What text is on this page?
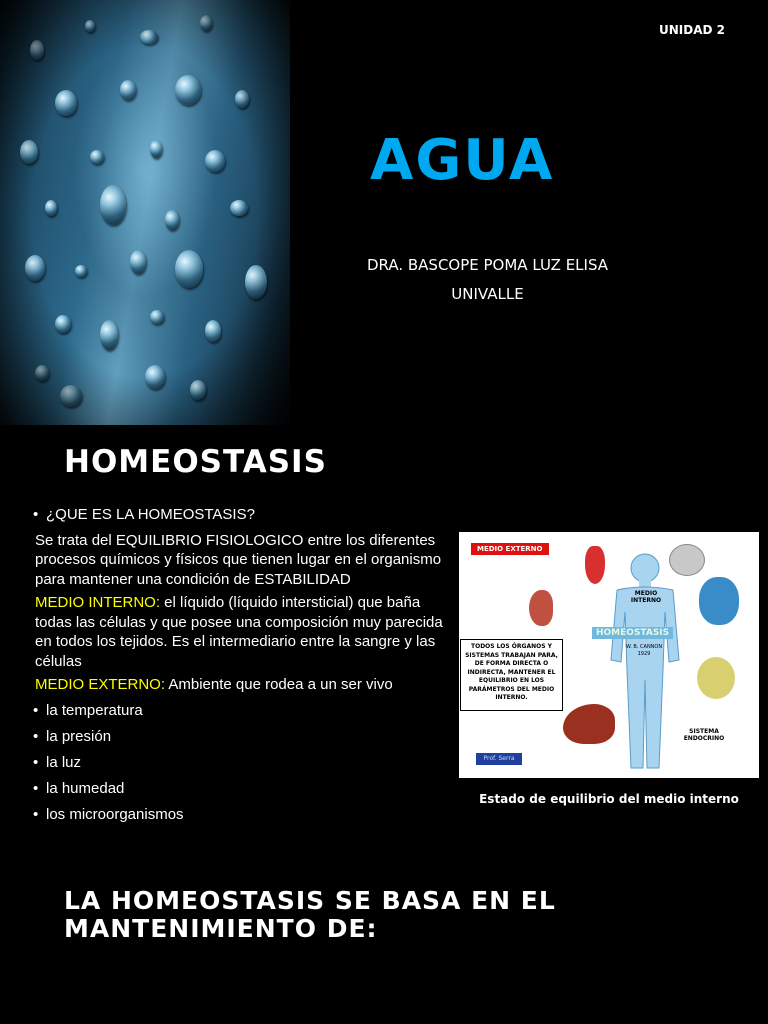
UNIDAD 2
AGUA
DRA. BASCOPE POMA LUZ ELISA
UNIVALLE
HOMEOSTASIS
• ¿QUE ES LA HOMEOSTASIS?
Se trata del EQUILIBRIO FISIOLOGICO entre los diferentes procesos químicos y físicos que tienen lugar en el organismo para mantener una condición de ESTABILIDAD
MEDIO INTERNO: el líquido (líquido intersticial) que baña todas las células y que posee una composición muy parecida en todos los tejidos. Es el intermediario entre la sangre y las células
MEDIO EXTERNO: Ambiente que rodea a un ser vivo
• la temperatura
• la presión
• la luz
• la humedad
• los microorganismos
MEDIO EXTERNO
MEDIO INTERNO
HOMEOSTASIS
W. B. CANNON 1929
TODOS LOS ÓRGANOS Y SISTEMAS TRABAJAN PARA, DE FORMA DIRECTA O INDIRECTA, MANTENER EL EQUILIBRIO EN LOS PARÁMETROS DEL MEDIO INTERNO.
SISTEMA ENDOCRINO
Prof. Serra
Estado de equilibrio del medio interno
LA HOMEOSTASIS SE BASA EN EL MANTENIMIENTO DE:
